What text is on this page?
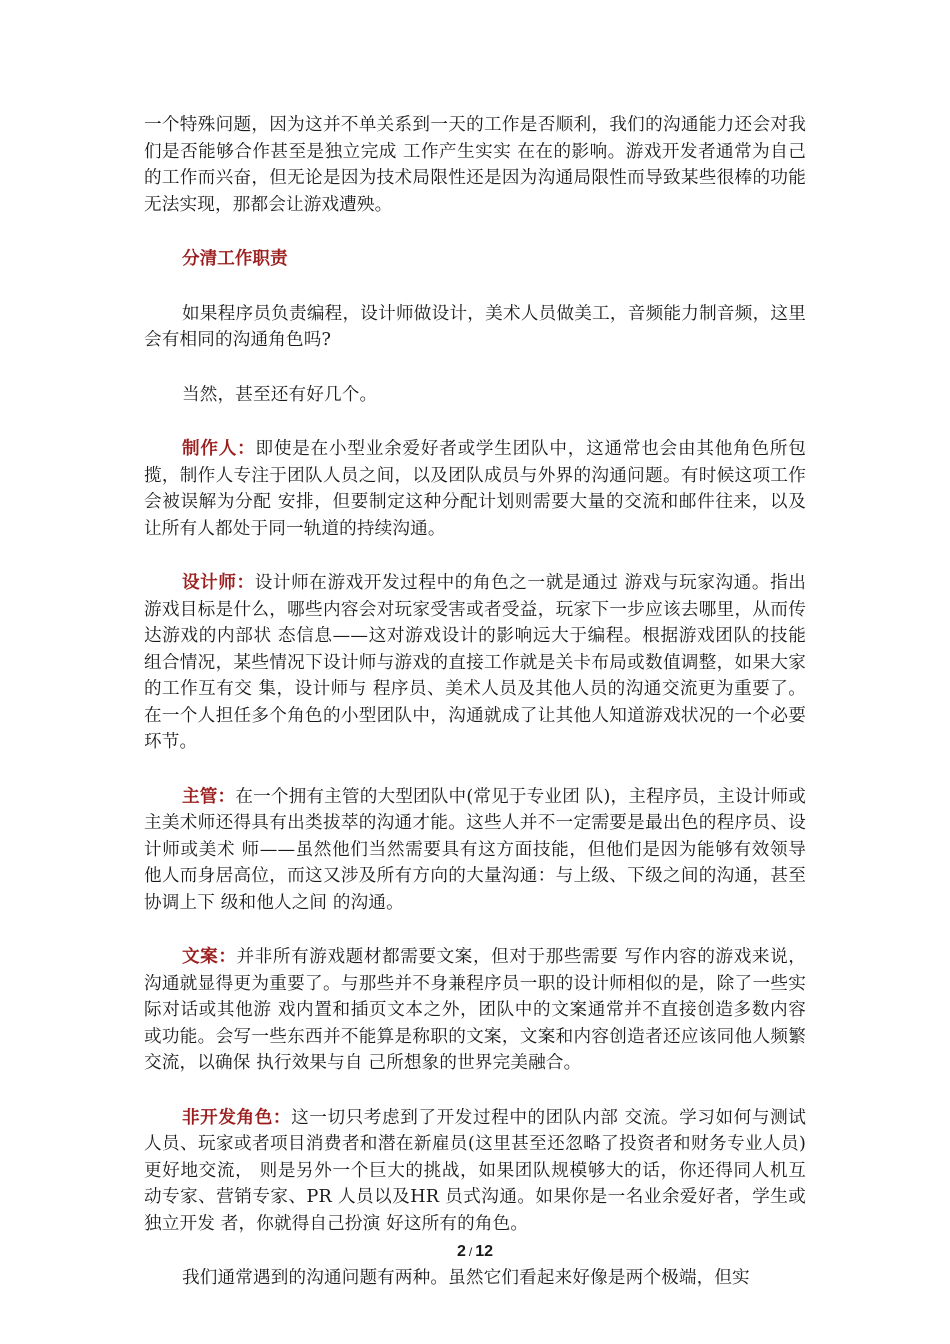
一个特殊问题，因为这并不单关系到一天的工作是否顺利，我们的沟通能力还会对我们是否能够合作甚至是独立完成 工作产生实实 在在的影响。游戏开发者通常为自己的工作而兴奋，但无论是因为技术局限性还是因为沟通局限性而导致某些很棒的功能无法实现，那都会让游戏遭殃。

分清工作职责

如果程序员负责编程，设计师做设计，美术人员做美工，音频能力制音频，这里会有相同的沟通角色吗?

当然，甚至还有好几个。

制作人：即使是在小型业余爱好者或学生团队中，这通常也会由其他角色所包揽，制作人专注于团队人员之间，以及团队成员与外界的沟通问题。有时候这项工作会被误解为分配 安排，但要制定这种分配计划则需要大量的交流和邮件往来，以及让所有人都处于同一轨道的持续沟通。

设计师：设计师在游戏开发过程中的角色之一就是通过 游戏与玩家沟通。指出游戏目标是什么，哪些内容会对玩家受害或者受益，玩家下一步应该去哪里，从而传达游戏的内部状 态信息——这对游戏设计的影响远大于编程。根据游戏团队的技能组合情况，某些情况下设计师与游戏的直接工作就是关卡布局或数值调整，如果大家的工作互有交 集，设计师与 程序员、美术人员及其他人员的沟通交流更为重要了。在一个人担任多个角色的小型团队中，沟通就成了让其他人知道游戏状况的一个必要环节。

主管：在一个拥有主管的大型团队中(常见于专业团 队)，主程序员，主设计师或主美术师还得具有出类拔萃的沟通才能。这些人并不一定需要是最出色的程序员、设计师或美术 师——虽然他们当然需要具有这方面技能，但他们是因为能够有效领导他人而身居高位，而这又涉及所有方向的大量沟通：与上级、下级之间的沟通，甚至协调上下 级和他人之间 的沟通。

文案：并非所有游戏题材都需要文案，但对于那些需要 写作内容的游戏来说，沟通就显得更为重要了。与那些并不身兼程序员一职的设计师相似的是，除了一些实际对话或其他游 戏内置和插页文本之外，团队中的文案通常并不直接创造多数内容或功能。会写一些东西并不能算是称职的文案，文案和内容创造者还应该同他人频繁交流，以确保 执行效果与自 己所想象的世界完美融合。

非开发角色：这一切只考虑到了开发过程中的团队内部 交流。学习如何与测试人员、玩家或者项目消费者和潜在新雇员(这里甚至还忽略了投资者和财务专业人员)更好地交流， 则是另外一个巨大的挑战，如果团队规模够大的话，你还得同人机互动专家、营销专家、PR 人员以及HR 员式沟通。如果你是一名业余爱好者，学生或独立开发 者，你就得自己扮演 好这所有的角色。

我们通常遇到的沟通问题有两种。虽然它们看起来好像是两个极端，但实

2 / 12
